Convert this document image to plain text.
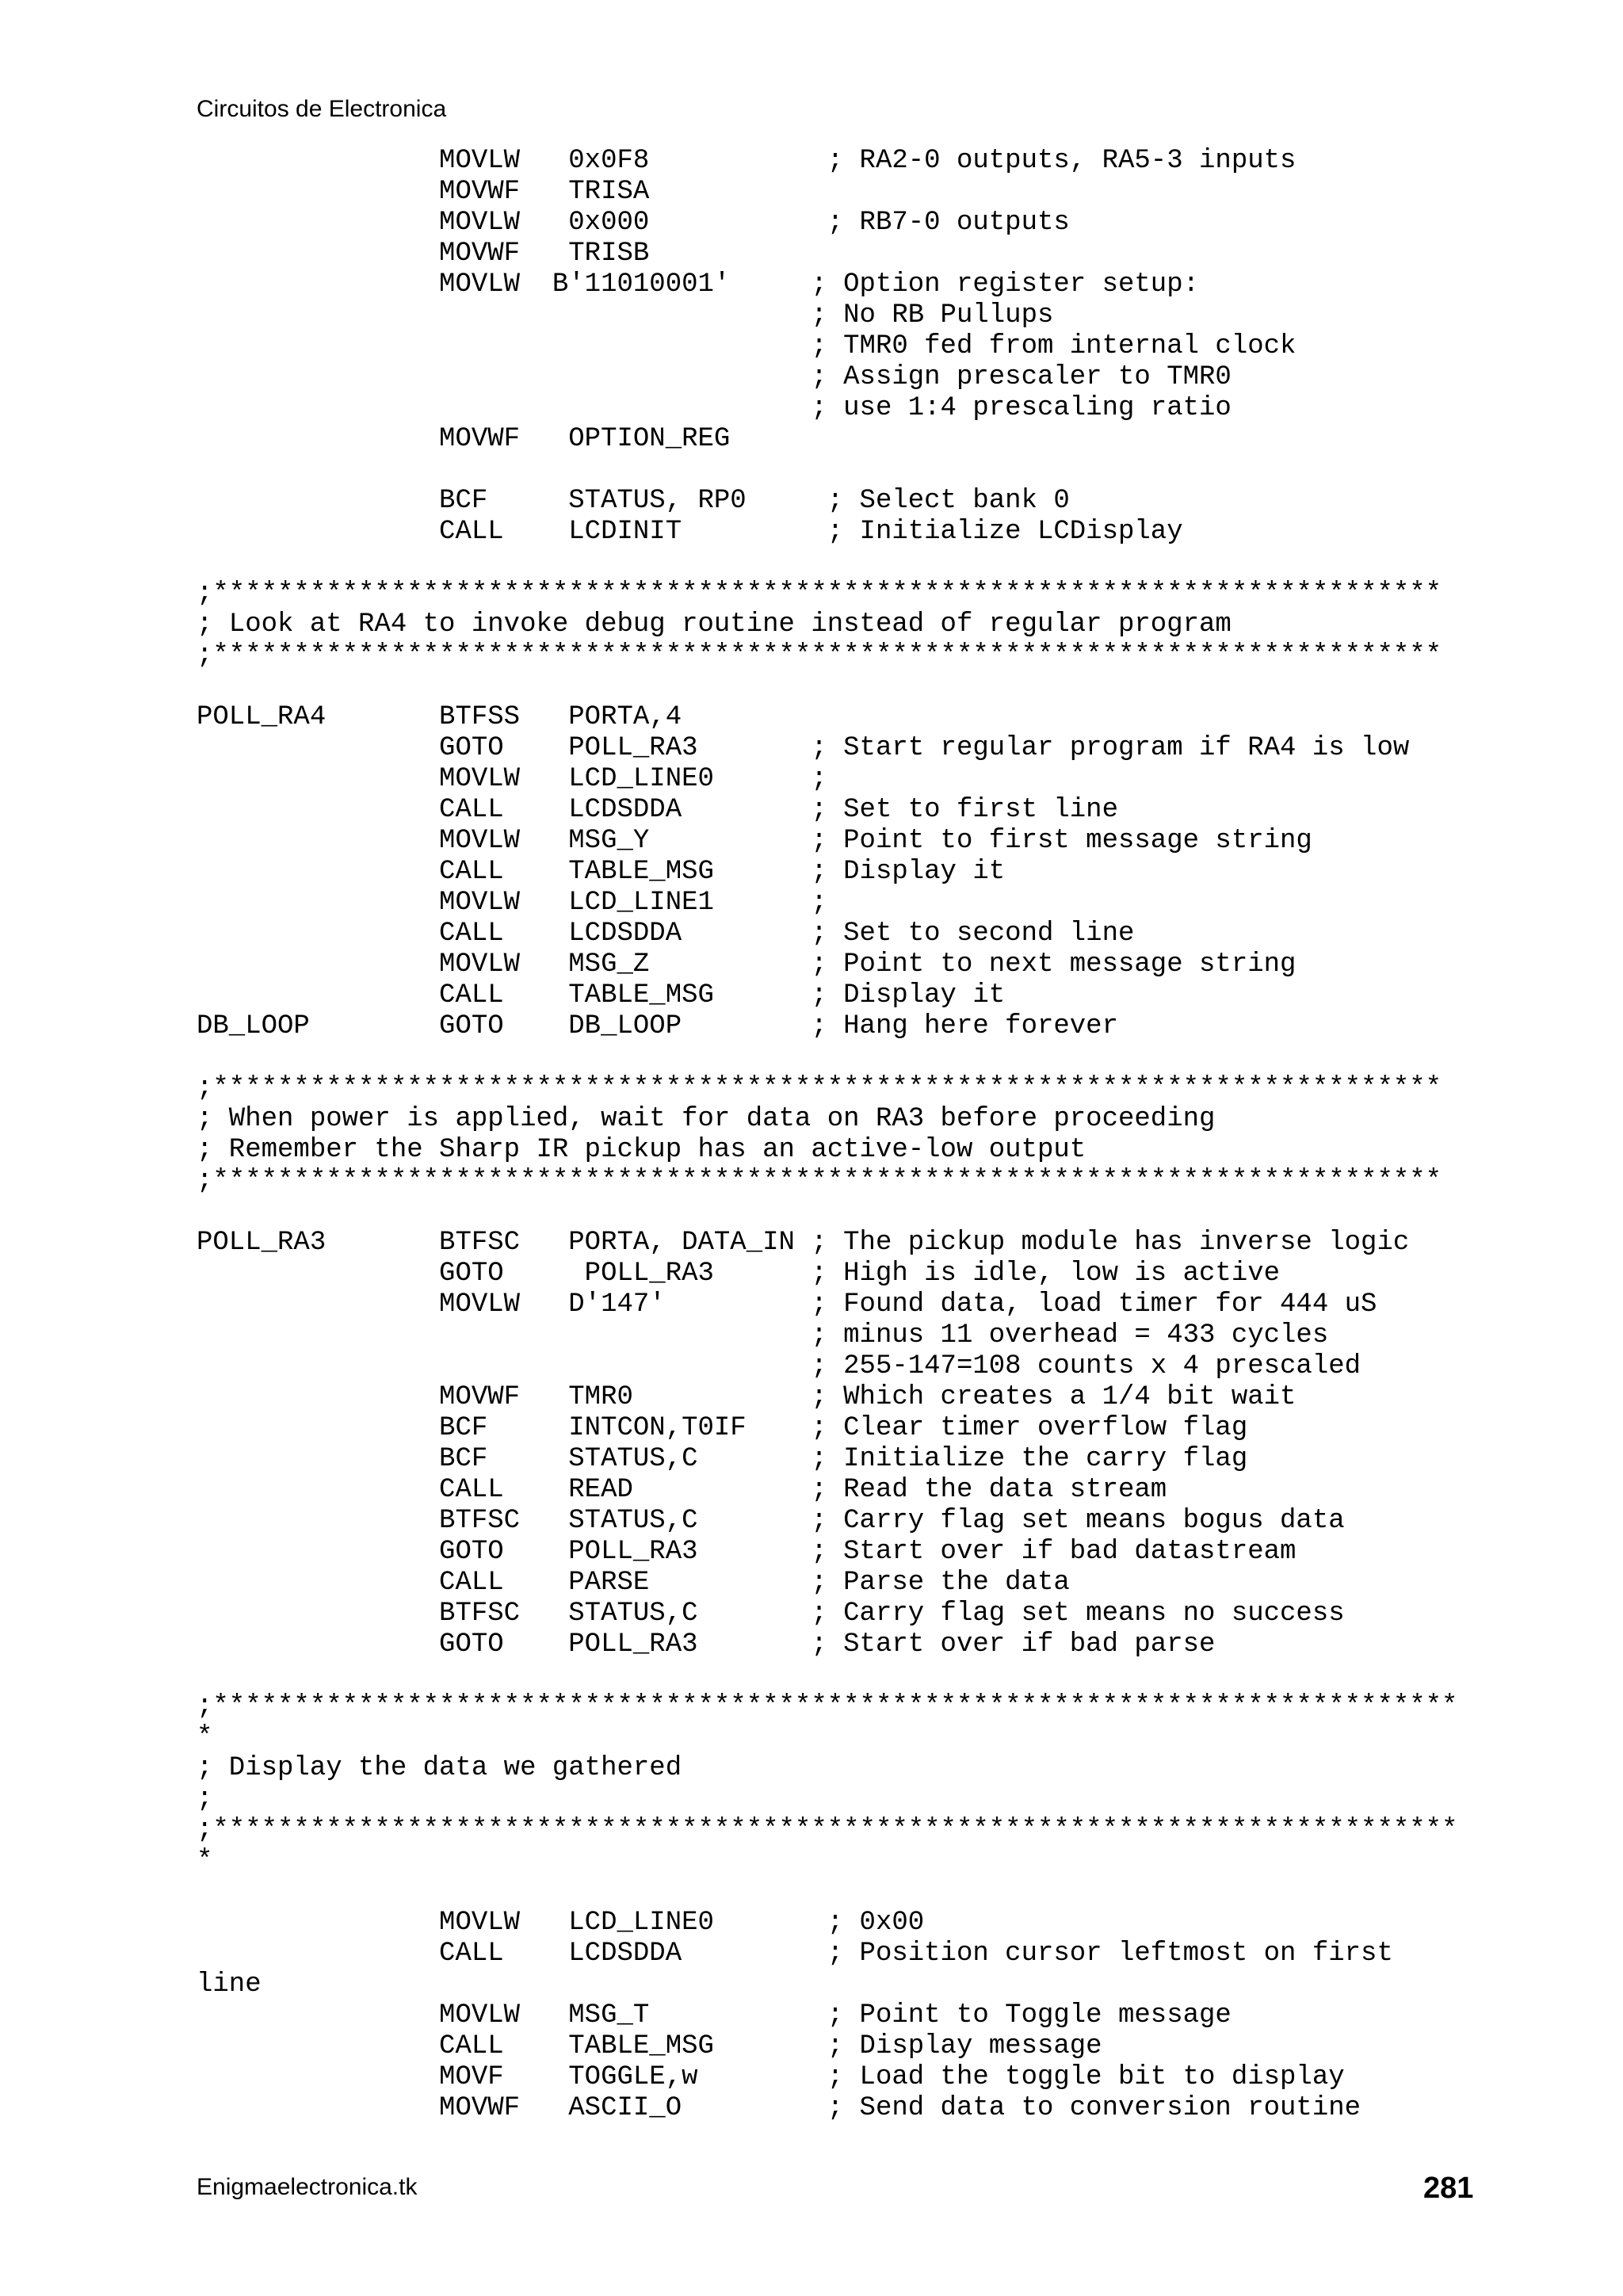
Circuitos de Electronica
MOVLW   0x0F8           ; RA2-0 outputs, RA5-3 inputs
MOVWF   TRISA
MOVLW   0x000           ; RB7-0 outputs
MOVWF   TRISB
MOVLW  B'11010001'     ; Option register setup:
; No RB Pullups
; TMR0 fed from internal clock
; Assign prescaler to TMR0
; use 1:4 prescaling ratio
MOVWF   OPTION_REG
BCF     STATUS, RP0     ; Select bank 0
CALL    LCDINIT         ; Initialize LCDisplay
;****************************************************************************
; Look at RA4 to invoke debug routine instead of regular program
;****************************************************************************
POLL_RA4       BTFSS   PORTA,4
GOTO    POLL_RA3       ; Start regular program if RA4 is low
MOVLW   LCD_LINE0      ;
CALL    LCDSDDA        ; Set to first line
MOVLW   MSG_Y          ; Point to first message string
CALL    TABLE_MSG      ; Display it
MOVLW   LCD_LINE1      ;
CALL    LCDSDDA        ; Set to second line
MOVLW   MSG_Z          ; Point to next message string
CALL    TABLE_MSG      ; Display it
DB_LOOP        GOTO    DB_LOOP        ; Hang here forever
;****************************************************************************
; When power is applied, wait for data on RA3 before proceeding
; Remember the Sharp IR pickup has an active-low output
;****************************************************************************
POLL_RA3       BTFSC   PORTA, DATA_IN ; The pickup module has inverse logic
GOTO     POLL_RA3      ; High is idle, low is active
MOVLW   D'147'         ; Found data, load timer for 444 uS
; minus 11 overhead = 433 cycles
; 255-147=108 counts x 4 prescaled
MOVWF   TMR0           ; Which creates a 1/4 bit wait
BCF     INTCON,T0IF    ; Clear timer overflow flag
BCF     STATUS,C       ; Initialize the carry flag
CALL    READ           ; Read the data stream
BTFSC   STATUS,C       ; Carry flag set means bogus data
GOTO    POLL_RA3       ; Start over if bad datastream
CALL    PARSE          ; Parse the data
BTFSC   STATUS,C       ; Carry flag set means no success
GOTO    POLL_RA3       ; Start over if bad parse
;*****************************************************************************
*
; Display the data we gathered
;
;*****************************************************************************
*
MOVLW   LCD_LINE0       ; 0x00
CALL    LCDSDDA         ; Position cursor leftmost on first
line
MOVLW   MSG_T           ; Point to Toggle message
CALL    TABLE_MSG       ; Display message
MOVF    TOGGLE,w        ; Load the toggle bit to display
MOVWF   ASCII_O         ; Send data to conversion routine
Enigmaelectronica.tk	281
